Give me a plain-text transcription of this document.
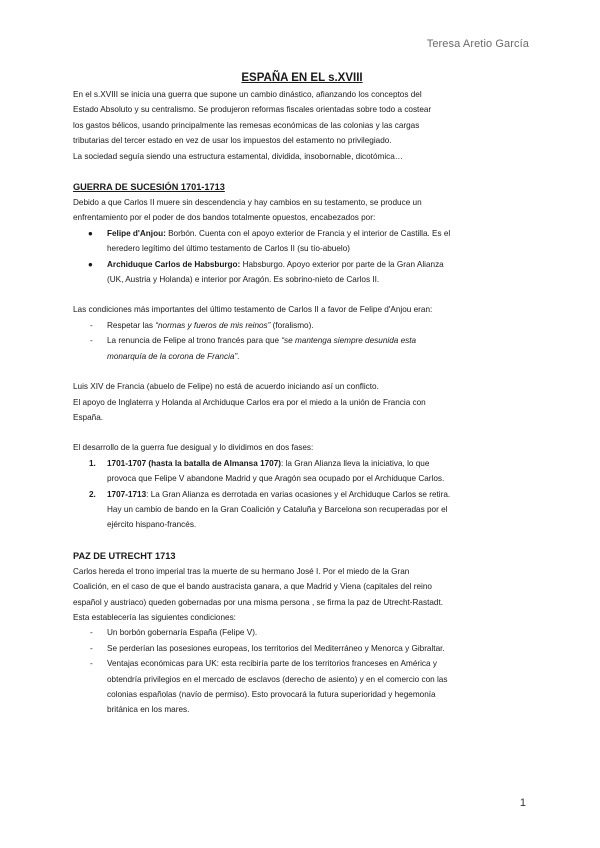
Teresa Aretio García
ESPAÑA EN EL s.XVIII

En el s.XVIII se inicia una guerra que supone un cambio dinástico, afianzando los conceptos del

Estado Absoluto y su centralismo. Se produjeron reformas fiscales orientadas sobre todo a costear

los gastos bélicos, usando principalmente las remesas económicas de las colonias y las cargas

tributarias del tercer estado en vez de usar los impuestos del estamento no privilegiado.

La sociedad seguía siendo una estructura estamental, dividida, insobornable, dicotómica…

GUERRA DE SUCESIÓN 1701-1713

Debido a que Carlos II muere sin descendencia y hay cambios en su testamento, se produce un

enfrentamiento por el poder de dos bandos totalmente opuestos, encabezados por:

● Felipe d'Anjou: Borbón. Cuenta con el apoyo exterior de Francia y el interior de Castilla. Es el
heredero legítimo del último testamento de Carlos II (su tío-abuelo)
● Archiduque Carlos de Habsburgo: Habsburgo. Apoyo exterior por parte de la Gran Alianza
(UK, Austria y Holanda) e interior por Aragón. Es sobrino-nieto de Carlos II.

Las condiciones más importantes del último testamento de Carlos II a favor de Felipe d'Anjou eran:

- Respetar las “normas y fueros de mis reinos” (foralismo).
- La renuncia de Felipe al trono francés para que “se mantenga siempre desunida esta
monarquía de la corona de Francia”.

Luis XIV de Francia (abuelo de Felipe) no está de acuerdo iniciando así un conflicto.

El apoyo de Inglaterra y Holanda al Archiduque Carlos era por el miedo a la unión de Francia con

España.

El desarrollo de la guerra fue desigual y lo dividimos en dos fases:

1. 1701-1707 (hasta la batalla de Almansa 1707): la Gran Alianza lleva la iniciativa, lo que
provoca que Felipe V abandone Madrid y que Aragón sea ocupado por el Archiduque Carlos.
2. 1707-1713: La Gran Alianza es derrotada en varias ocasiones y el Archiduque Carlos se retira.
Hay un cambio de bando en la Gran Coalición y Cataluña y Barcelona son recuperadas por el
ejército hispano-francés.
PAZ DE UTRECHT 1713

Carlos hereda el trono imperial tras la muerte de su hermano José I. Por el miedo de la Gran

Coalición, en el caso de que el bando austracista ganara, a que Madrid y Viena (capitales del reino

español y austriaco) queden gobernadas por una misma persona , se firma la paz de Utrecht-Rastadt.

Esta establecería las siguientes condiciones:

- Un borbón gobernaría España (Felipe V).
- Se perderían las posesiones europeas, los territorios del Mediterráneo y Menorca y Gibraltar.
- Ventajas económicas para UK: esta recibiría parte de los territorios franceses en América y
obtendría privilegios en el mercado de esclavos (derecho de asiento) y en el comercio con las
colonias españolas (navío de permiso). Esto provocará la futura superioridad y hegemonía
británica en los mares.
1
